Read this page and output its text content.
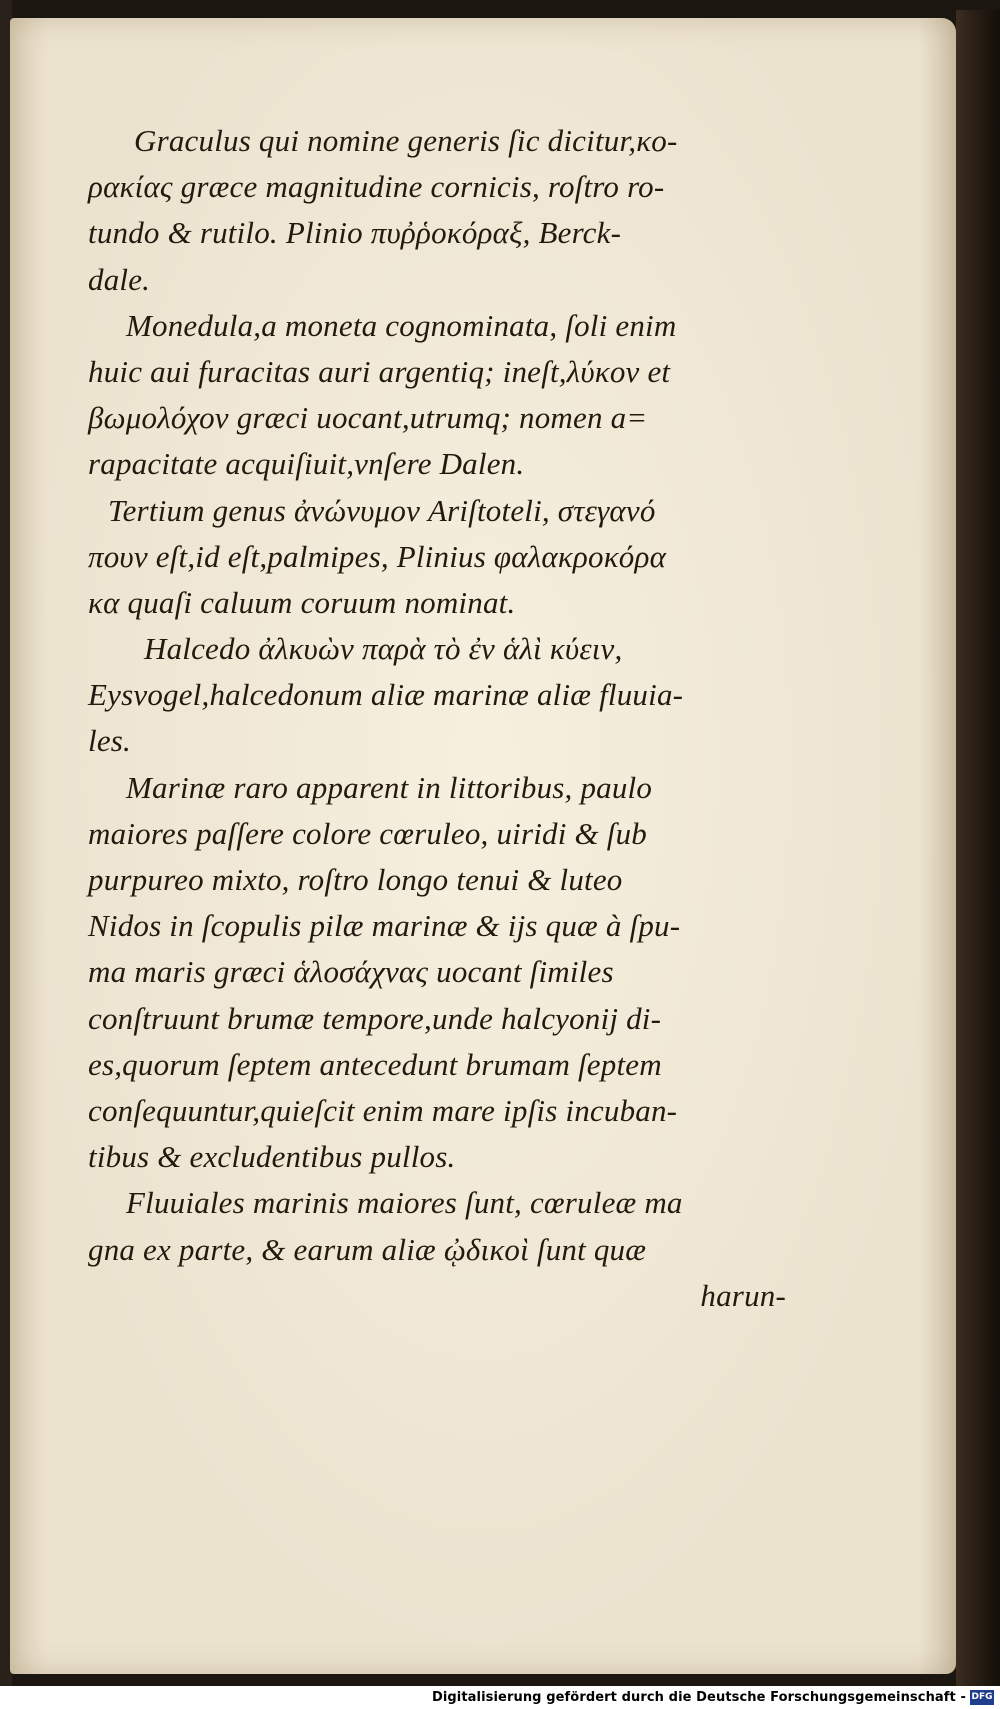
Graculus qui nomine generis ſic dicitur,κο-
ρακίας græce magnitudine cornicis, roſtro ro-
tundo & rutilo. Plinio πυῤῥοκόραξ, Berck-
dale.
Monedula,a moneta cognominata, ſoli enim
huic aui furacitas auri argentiq; ineſt,λύκον et
βωμολόχον græci uocant,utrumq; nomen a=
rapacitate acquiſiuit,vnſere Dalen.
Tertium genus ἀνώνυμον Ariſtoteli, στεγανό
πουν eſt,id eſt,palmipes, Plinius φαλακροκόρα
κα quaſi caluum coruum nominat.
Halcedo ἀλκυὼν παρὰ τὸ ἐν ἁλὶ κύειν,
Eysvogel,halcedonum aliæ marinæ aliæ fluuia-
les.
Marinæ raro apparent in littoribus, paulo
maiores paſſere colore cœruleo, uiridi & ſub
purpureo mixto, roſtro longo tenui & luteo
Nidos in ſcopulis pilæ marinæ & ijs quæ à ſpu-
ma maris græci ἁλοσάχνας uocant ſimiles
conſtruunt brumæ tempore,unde halcyonij di-
es,quorum ſeptem antecedunt brumam ſeptem
conſequuntur,quieſcit enim mare ipſis incuban-
tibus & excludentibus pullos.
Fluuiales marinis maiores ſunt, cœruleæ ma
gna ex parte, & earum aliæ ᾠδικοὶ ſunt quæ
harun-
Digitalisierung gefördert durch die Deutsche Forschungsgemeinschaft - DFG
